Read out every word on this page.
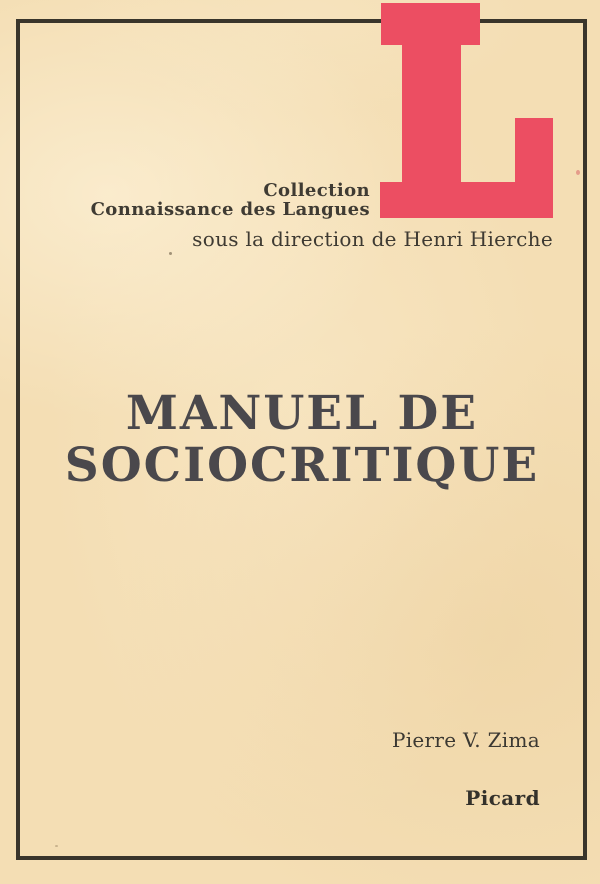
Collection
Connaissance des Langues
sous la direction de Henri Hierche
MANUEL DE
SOCIOCRITIQUE
Pierre V. Zima
Picard
